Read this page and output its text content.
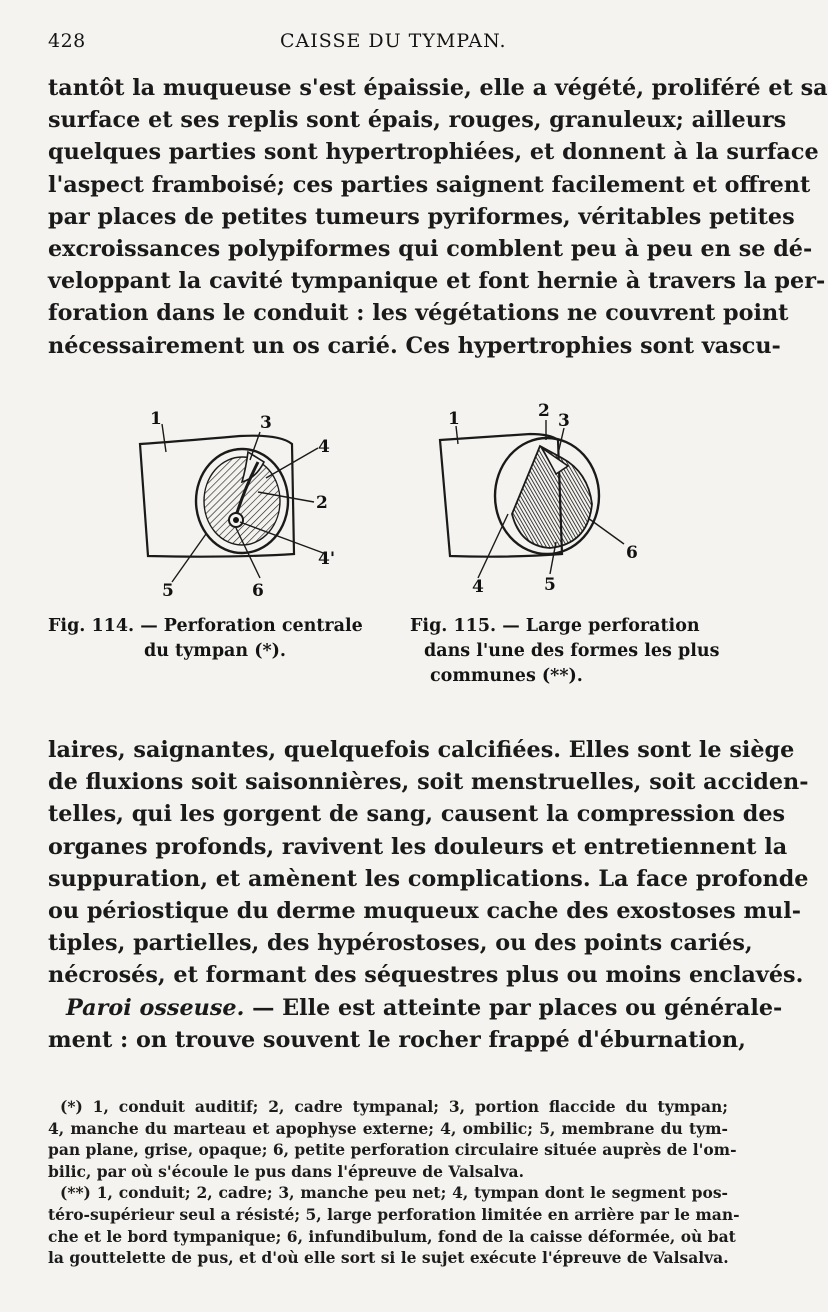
428	CAISSE DU TYMPAN.
tantôt la muqueuse s'est épaissie, elle a végété, proliféré et sa
surface et ses replis sont épais, rouges, granuleux; ailleurs
quelques parties sont hypertrophiées, et donnent à la surface
l'aspect framboisé; ces parties saignent facilement et offrent
par places de petites tumeurs pyriformes, véritables petites
excroissances polypiformes qui comblent peu à peu en se dé-
veloppant la cavité tympanique et font hernie à travers la per-
foration dans le conduit : les végétations ne couvrent point
nécessairement un os carié. Ces hypertrophies sont vascu-
1	3
4
2
4'
5	6
1	2 3
6
5
4
Fig. 114. — Perforation centrale
du tympan (*).
Fig. 115. — Large perforation
dans l'une des formes les plus
communes (**).
laires, saignantes, quelquefois calcifiées. Elles sont le siège
de fluxions soit saisonnières, soit menstruelles, soit acciden-
telles, qui les gorgent de sang, causent la compression des
organes profonds, ravivent les douleurs et entretiennent la
suppuration, et amènent les complications. La face profonde
ou périostique du derme muqueux cache des exostoses mul-
tiples, partielles, des hypérostoses, ou des points cariés,
nécrosés, et formant des séquestres plus ou moins enclavés.
Paroi osseuse. — Elle est atteinte par places ou générale-
ment : on trouve souvent le rocher frappé d'éburnation,
(*) 1, conduit auditif; 2, cadre tympanal; 3, portion flaccide du tympan;
4, manche du marteau et apophyse externe; 4, ombilic; 5, membrane du tym-
pan plane, grise, opaque; 6, petite perforation circulaire située auprès de l'om-
bilic, par où s'écoule le pus dans l'épreuve de Valsalva.
(**) 1, conduit; 2, cadre; 3, manche peu net; 4, tympan dont le segment pos-
téro-supérieur seul a résisté; 5, large perforation limitée en arrière par le man-
che et le bord tympanique; 6, infundibulum, fond de la caisse déformée, où bat
la gouttelette de pus, et d'où elle sort si le sujet exécute l'épreuve de Valsalva.
